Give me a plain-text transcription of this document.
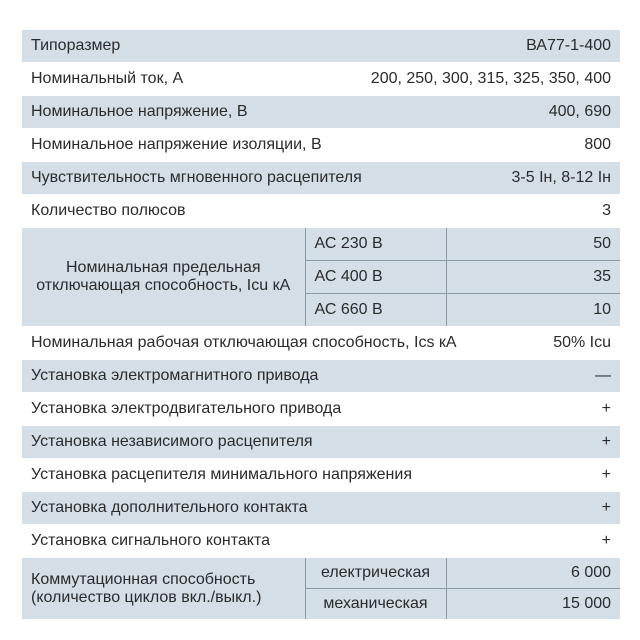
Типоразмер	ВА77-1-400	
Номинальный ток, А	200, 250, 300, 315, 325, 350, 400	
Номинальное напряжение, В	400, 690	
Номинальное напряжение изоляции, В		800
Чувствительность мгновенного расцепителя		3-5 Iн, 8-12 Iн
Количество полюсов		3
Номинальная предельная отключающая способность, Icu кА	АС 230 В	50
	АС 400 В	35
	АС 660 В	10
Номинальная рабочая отключающая способность, Ics кА		50% Icu
Установка электромагнитного привода		—
Установка электродвигательного привода		+
Установка независимого расцепителя		+
Установка расцепителя минимального напряжения		+
Установка дополнительного контакта		+
Установка сигнального контакта		+
Коммутационная способность (количество циклов вкл./выкл.)	електрическая	6 000
	механическая	15 000
